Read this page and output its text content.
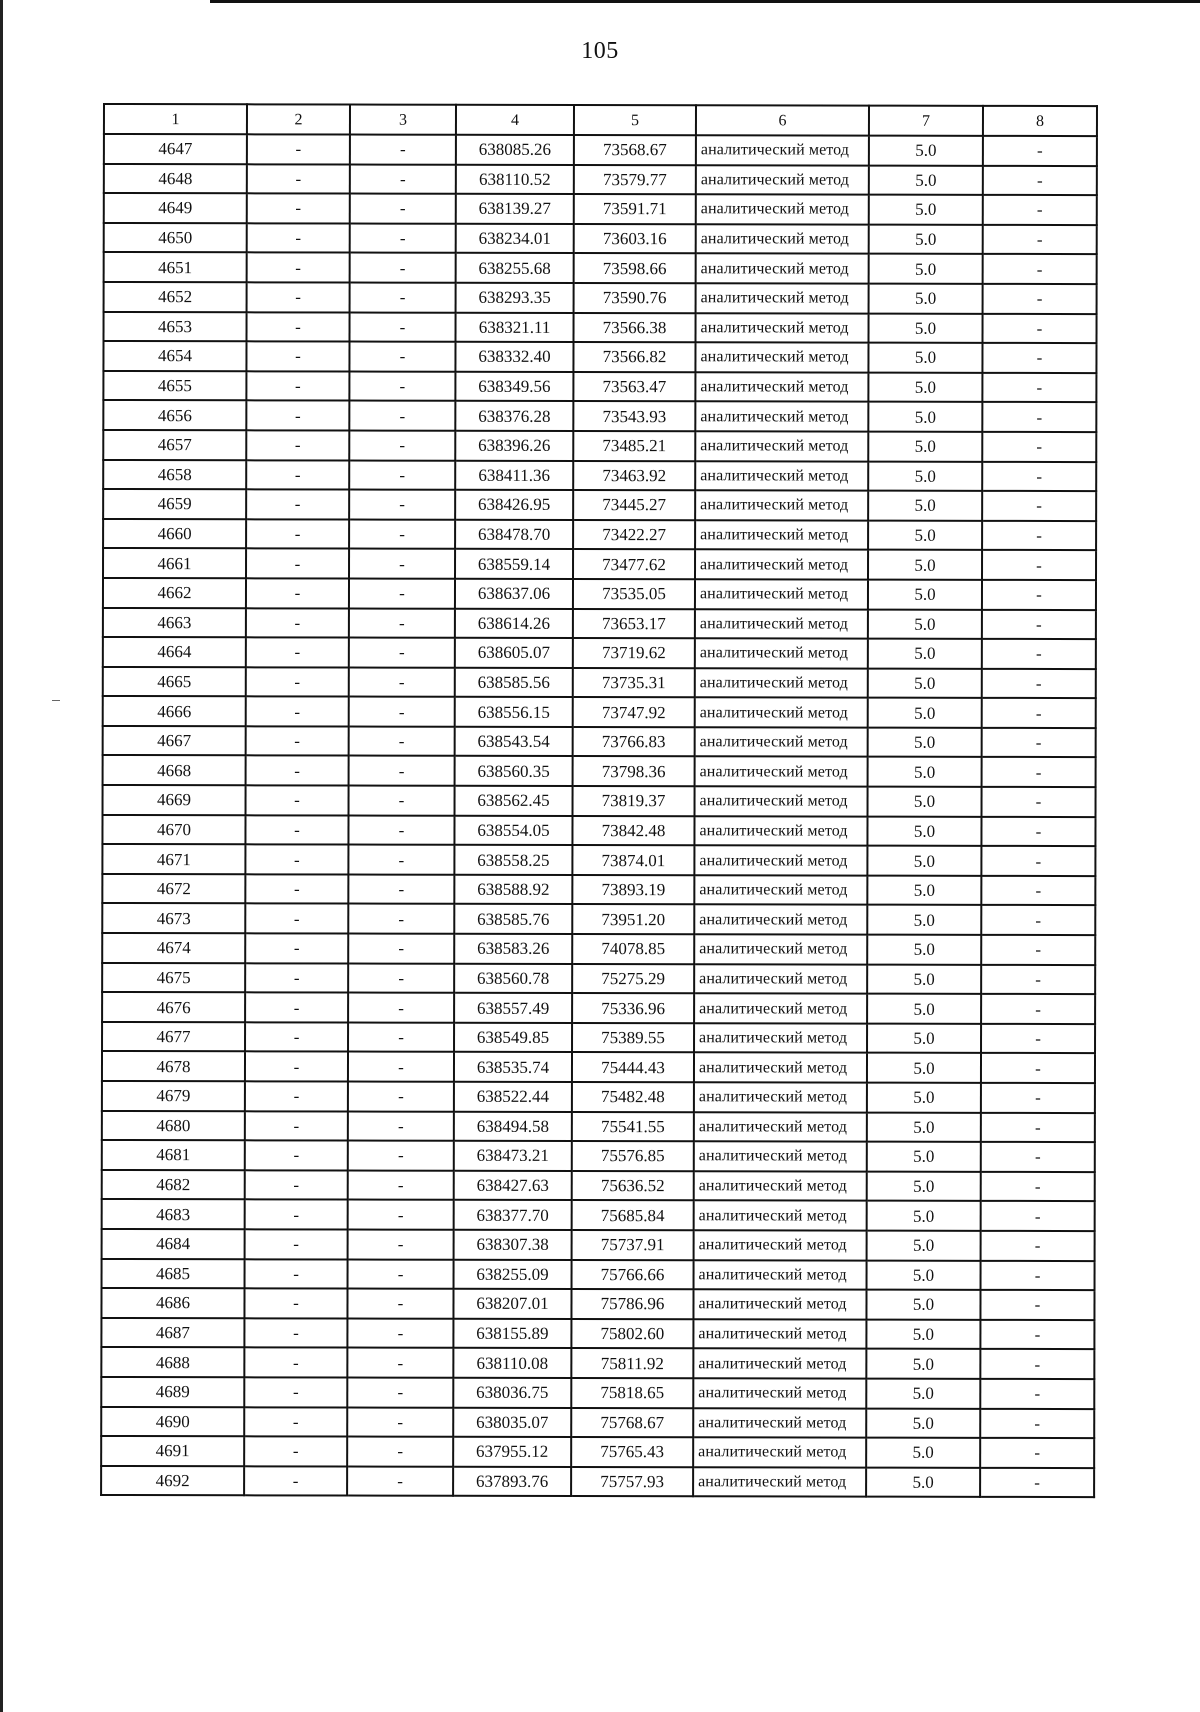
105
1	2	3	4	5	6	7	8
4647	-	-	638085.26	73568.67	аналитический метод	5.0	-
4648	-	-	638110.52	73579.77	аналитический метод	5.0	-
4649	-	-	638139.27	73591.71	аналитический метод	5.0	-
4650	-	-	638234.01	73603.16	аналитический метод	5.0	-
4651	-	-	638255.68	73598.66	аналитический метод	5.0	-
4652	-	-	638293.35	73590.76	аналитический метод	5.0	-
4653	-	-	638321.11	73566.38	аналитический метод	5.0	-
4654	-	-	638332.40	73566.82	аналитический метод	5.0	-
4655	-	-	638349.56	73563.47	аналитический метод	5.0	-
4656	-	-	638376.28	73543.93	аналитический метод	5.0	-
4657	-	-	638396.26	73485.21	аналитический метод	5.0	-
4658	-	-	638411.36	73463.92	аналитический метод	5.0	-
4659	-	-	638426.95	73445.27	аналитический метод	5.0	-
4660	-	-	638478.70	73422.27	аналитический метод	5.0	-
4661	-	-	638559.14	73477.62	аналитический метод	5.0	-
4662	-	-	638637.06	73535.05	аналитический метод	5.0	-
4663	-	-	638614.26	73653.17	аналитический метод	5.0	-
4664	-	-	638605.07	73719.62	аналитический метод	5.0	-
4665	-	-	638585.56	73735.31	аналитический метод	5.0	-
4666	-	-	638556.15	73747.92	аналитический метод	5.0	-
4667	-	-	638543.54	73766.83	аналитический метод	5.0	-
4668	-	-	638560.35	73798.36	аналитический метод	5.0	-
4669	-	-	638562.45	73819.37	аналитический метод	5.0	-
4670	-	-	638554.05	73842.48	аналитический метод	5.0	-
4671	-	-	638558.25	73874.01	аналитический метод	5.0	-
4672	-	-	638588.92	73893.19	аналитический метод	5.0	-
4673	-	-	638585.76	73951.20	аналитический метод	5.0	-
4674	-	-	638583.26	74078.85	аналитический метод	5.0	-
4675	-	-	638560.78	75275.29	аналитический метод	5.0	-
4676	-	-	638557.49	75336.96	аналитический метод	5.0	-
4677	-	-	638549.85	75389.55	аналитический метод	5.0	-
4678	-	-	638535.74	75444.43	аналитический метод	5.0	-
4679	-	-	638522.44	75482.48	аналитический метод	5.0	-
4680	-	-	638494.58	75541.55	аналитический метод	5.0	-
4681	-	-	638473.21	75576.85	аналитический метод	5.0	-
4682	-	-	638427.63	75636.52	аналитический метод	5.0	-
4683	-	-	638377.70	75685.84	аналитический метод	5.0	-
4684	-	-	638307.38	75737.91	аналитический метод	5.0	-
4685	-	-	638255.09	75766.66	аналитический метод	5.0	-
4686	-	-	638207.01	75786.96	аналитический метод	5.0	-
4687	-	-	638155.89	75802.60	аналитический метод	5.0	-
4688	-	-	638110.08	75811.92	аналитический метод	5.0	-
4689	-	-	638036.75	75818.65	аналитический метод	5.0	-
4690	-	-	638035.07	75768.67	аналитический метод	5.0	-
4691	-	-	637955.12	75765.43	аналитический метод	5.0	-
4692	-	-	637893.76	75757.93	аналитический метод	5.0	-
